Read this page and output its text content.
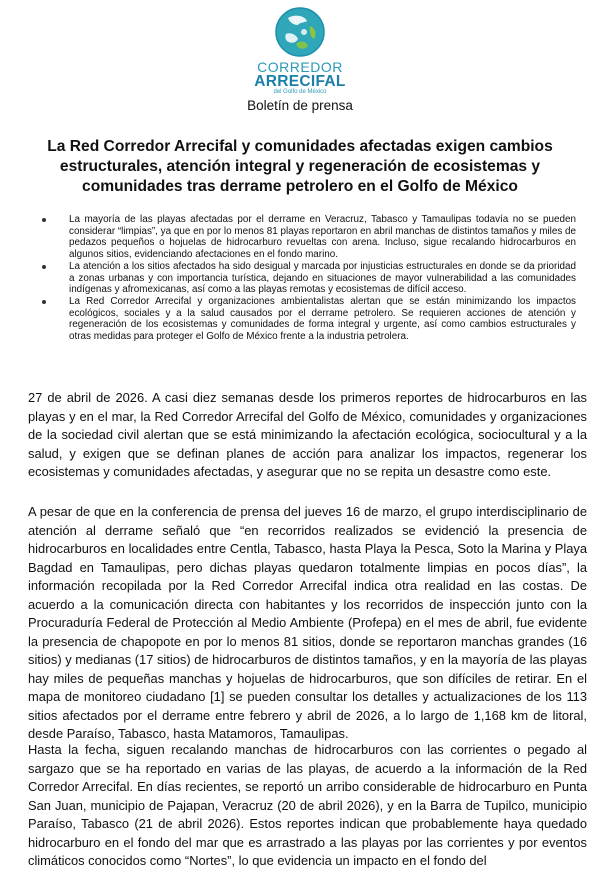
CORREDOR
ARRECIFAL
del Golfo de México
Boletín de prensa
La Red Corredor Arrecifal y comunidades afectadas exigen cambios estructurales, atención integral y regeneración de ecosistemas y comunidades tras derrame petrolero en el Golfo de México
La mayoría de las playas afectadas por el derrame en Veracruz, Tabasco y Tamaulipas todavía no se pueden considerar “limpias”, ya que en por lo menos 81 playas reportaron en abril manchas de distintos tamaños y miles de pedazos pequeños o hojuelas de hidrocarburo revueltas con arena. Incluso, sigue recalando hidrocarburos en algunos sitios, evidenciando afectaciones en el fondo marino.
La atención a los sitios afectados ha sido desigual y marcada por injusticias estructurales en donde se da prioridad a zonas urbanas y con importancia turística, dejando en situaciones de mayor vulnerabilidad a las comunidades indígenas y afromexicanas, así como a las playas remotas y ecosistemas de difícil acceso.
La Red Corredor Arrecifal y organizaciones ambientalistas alertan que se están minimizando los impactos ecológicos, sociales y a la salud causados por el derrame petrolero. Se requieren acciones de atención y regeneración de los ecosistemas y comunidades de forma integral y urgente, así como cambios estructurales y otras medidas para proteger el Golfo de México frente a la industria petrolera.

27 de abril de 2026. A casi diez semanas desde los primeros reportes de hidrocarburos en las playas y en el mar, la Red Corredor Arrecifal del Golfo de México, comunidades y organizaciones de la sociedad civil alertan que se está minimizando la afectación ecológica, sociocultural y a la salud, y exigen que se definan planes de acción para analizar los impactos, regenerar los ecosistemas y comunidades afectadas, y asegurar que no se repita un desastre como este.

A pesar de que en la conferencia de prensa del jueves 16 de marzo, el grupo interdisciplinario de atención al derrame señaló que “en recorridos realizados se evidenció la presencia de hidrocarburos en localidades entre Centla, Tabasco, hasta Playa la Pesca, Soto la Marina y Playa Bagdad en Tamaulipas, pero dichas playas quedaron totalmente limpias en pocos días”, la información recopilada por la Red Corredor Arrecifal indica otra realidad en las costas. De acuerdo a la comunicación directa con habitantes y los recorridos de inspección junto con la Procuraduría Federal de Protección al Medio Ambiente (Profepa) en el mes de abril, fue evidente la presencia de chapopote en por lo menos 81 sitios, donde se reportaron manchas grandes (16 sitios) y medianas (17 sitios) de hidrocarburos de distintos tamaños, y en la mayoría de las playas hay miles de pequeñas manchas y hojuelas de hidrocarburos, que son difíciles de retirar. En el mapa de monitoreo ciudadano [1] se pueden consultar los detalles y actualizaciones de los 113 sitios afectados por el derrame entre febrero y abril de 2026, a lo largo de 1,168 km de litoral, desde Paraíso, Tabasco, hasta Matamoros, Tamaulipas.

Hasta la fecha, siguen recalando manchas de hidrocarburos con las corrientes o pegado al sargazo que se ha reportado en varias de las playas, de acuerdo a la información de la Red Corredor Arrecifal. En días recientes, se reportó un arribo considerable de hidrocarburo en Punta San Juan, municipio de Pajapan, Veracruz (20 de abril 2026), y en la Barra de Tupilco, municipio Paraíso, Tabasco (21 de abril 2026). Estos reportes indican que probablemente haya quedado hidrocarburo en el fondo del mar que es arrastrado a las playas por las corrientes y por eventos climáticos conocidos como “Nortes”, lo que evidencia un impacto en el fondo del
